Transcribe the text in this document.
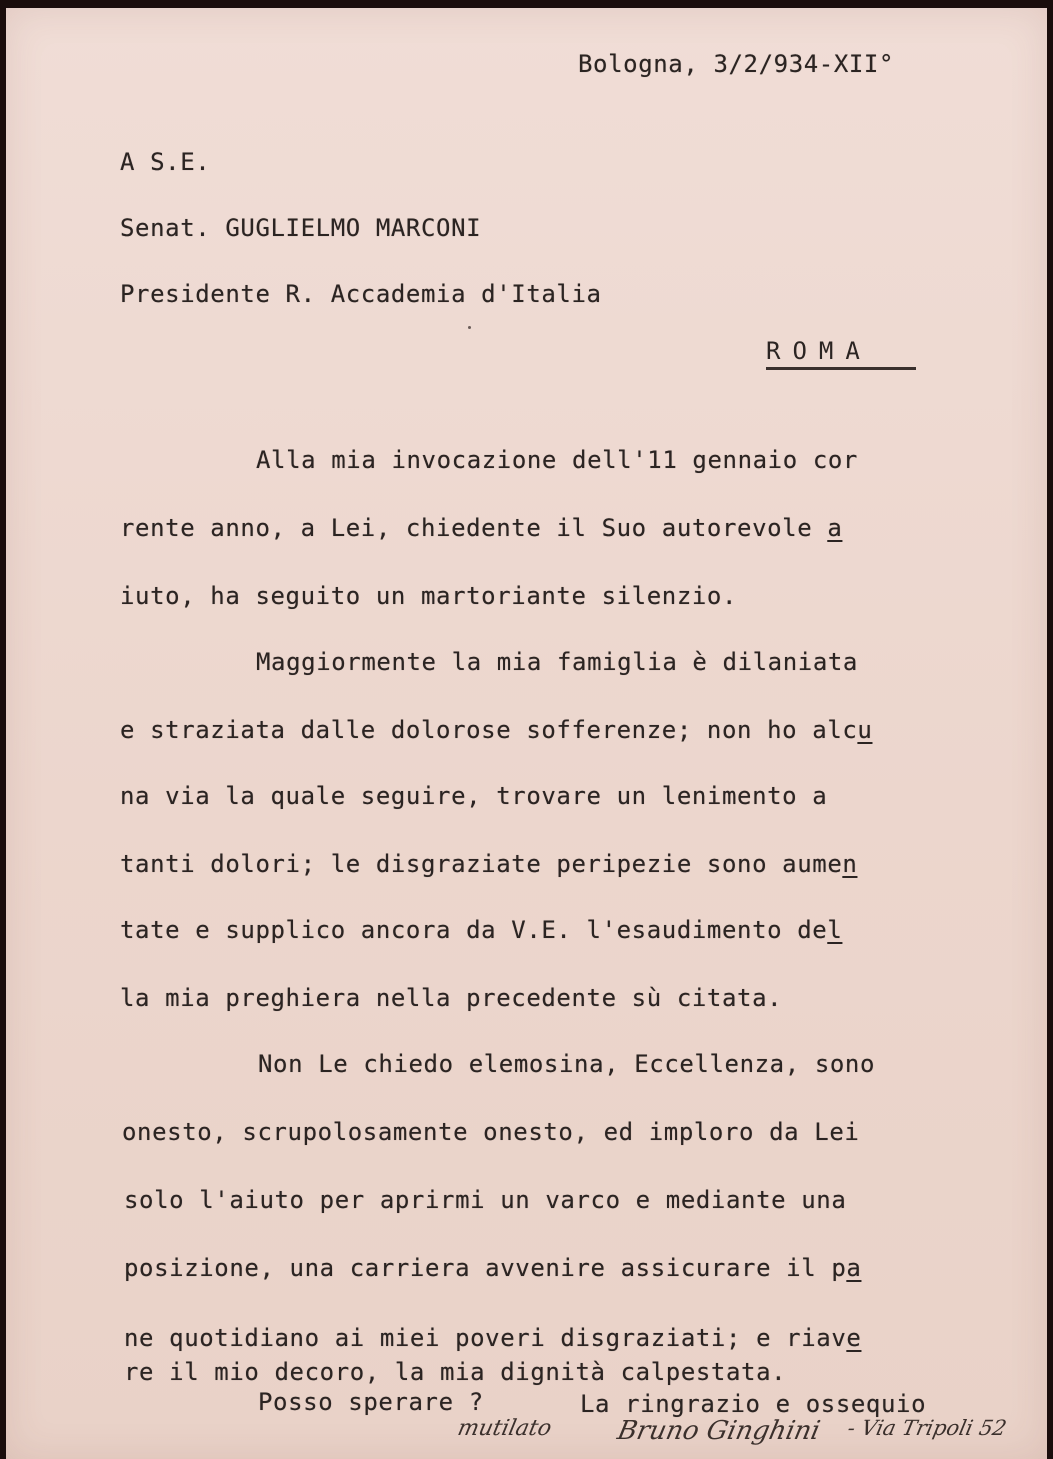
Bologna, 3/2/934-XII°
A S.E.
Senat. GUGLIELMO MARCONI
Presidente R. Accademia d'Italia
ROMA
Alla mia invocazione dell'11 gennaio cor
rente anno, a Lei, chiedente il Suo autorevole a
iuto, ha seguito un martoriante silenzio.
Maggiormente la mia famiglia è dilaniata
e straziata dalle dolorose sofferenze; non ho alcu
na via la quale seguire, trovare un lenimento a
tanti dolori; le disgraziate peripezie sono aumen
tate e supplico ancora da V.E. l'esaudimento del
la mia preghiera nella precedente sù citata.
Non Le chiedo elemosina, Eccellenza, sono
onesto, scrupolosamente onesto, ed imploro da Lei
solo l'aiuto per aprirmi un varco e mediante una
posizione, una carriera avvenire assicurare il pa
ne quotidiano ai miei poveri disgraziati; e riave
re il mio decoro, la mia dignità calpestata.
Posso sperare ?	La ringrazio e ossequio
mutilato Bruno Ginghini - Via Tripoli 52
